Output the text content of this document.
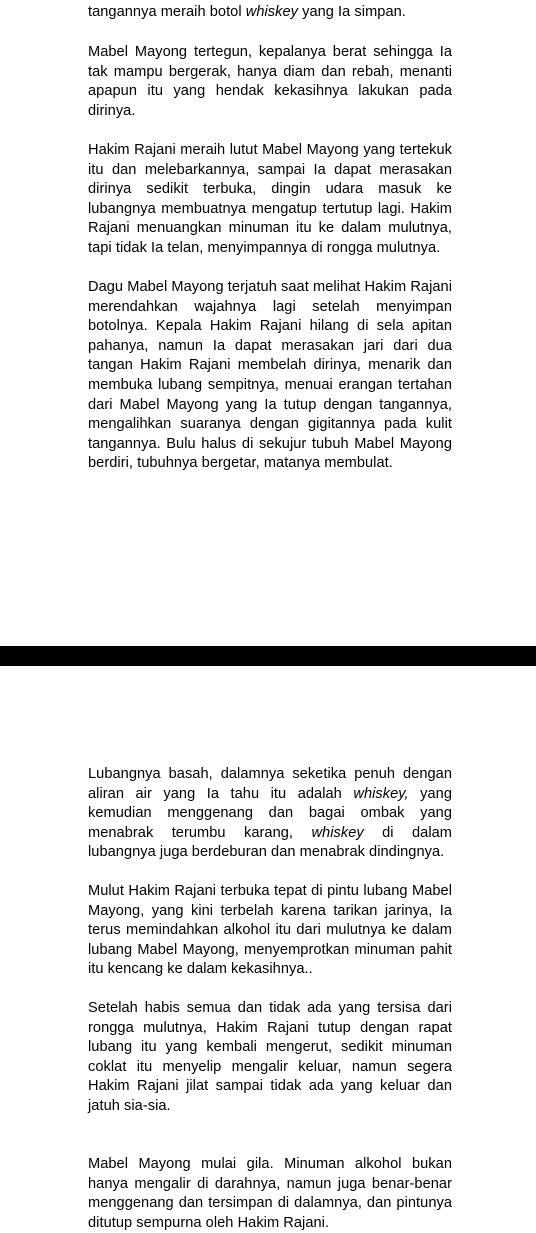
tangannya meraih botol whiskey yang Ia simpan.

Mabel Mayong tertegun, kepalanya berat sehingga Ia tak mampu bergerak, hanya diam dan rebah, menanti apapun itu yang hendak kekasihnya lakukan pada dirinya.

Hakim Rajani meraih lutut Mabel Mayong yang tertekuk itu dan melebarkannya, sampai Ia dapat merasakan dirinya sedikit terbuka, dingin udara masuk ke lubangnya membuatnya mengatup tertutup lagi. Hakim Rajani menuangkan minuman itu ke dalam mulutnya, tapi tidak Ia telan, menyimpannya di rongga mulutnya.

Dagu Mabel Mayong terjatuh saat melihat Hakim Rajani merendahkan wajahnya lagi setelah menyimpan botolnya. Kepala Hakim Rajani hilang di sela apitan pahanya, namun Ia dapat merasakan jari dari dua tangan Hakim Rajani membelah dirinya, menarik dan membuka lubang sempitnya, menuai erangan tertahan dari Mabel Mayong yang Ia tutup dengan tangannya, mengalihkan suaranya dengan gigitannya pada kulit tangannya. Bulu halus di sekujur tubuh Mabel Mayong berdiri, tubuhnya bergetar, matanya membulat.

Lubangnya basah, dalamnya seketika penuh dengan aliran air yang Ia tahu itu adalah whiskey, yang kemudian menggenang dan bagai ombak yang menabrak terumbu karang, whiskey di dalam lubangnya juga berdeburan dan menabrak dindingnya.

Mulut Hakim Rajani terbuka tepat di pintu lubang Mabel Mayong, yang kini terbelah karena tarikan jarinya, Ia terus memindahkan alkohol itu dari mulutnya ke dalam lubang Mabel Mayong, menyemprotkan minuman pahit itu kencang ke dalam kekasihnya..

Setelah habis semua dan tidak ada yang tersisa dari rongga mulutnya, Hakim Rajani tutup dengan rapat lubang itu yang kembali mengerut, sedikit minuman coklat itu menyelip mengalir keluar, namun segera Hakim Rajani jilat sampai tidak ada yang keluar dan jatuh sia-sia.

Mabel Mayong mulai gila. Minuman alkohol bukan hanya mengalir di darahnya, namun juga benar-benar menggenang dan tersimpan di dalamnya, dan pintunya ditutup sempurna oleh Hakim Rajani.
